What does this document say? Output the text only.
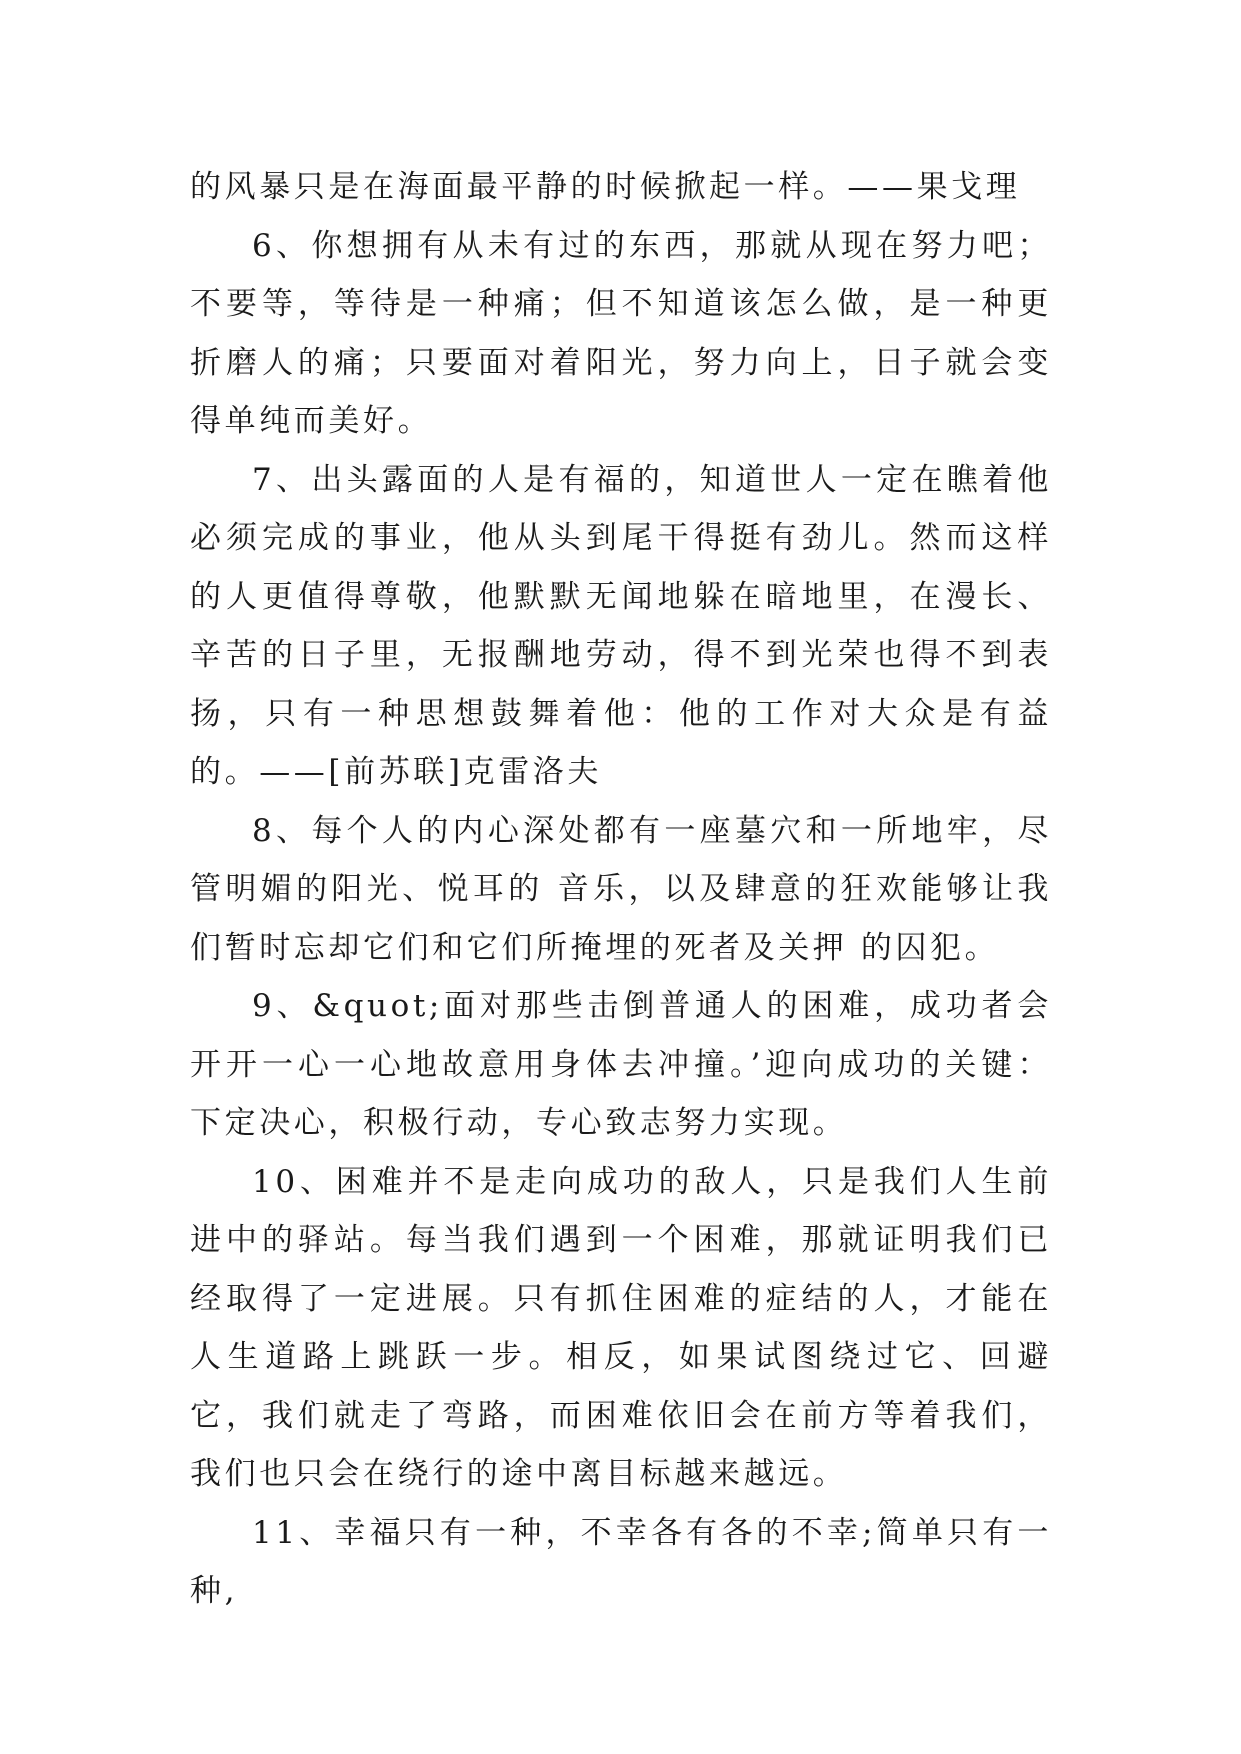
的风暴只是在海面最平静的时候掀起一样。——果戈理

6、你想拥有从未有过的东西，那就从现在努力吧；不要等，等待是一种痛；但不知道该怎么做，是一种更折磨人的痛；只要面对着阳光，努力向上，日子就会变得单纯而美好。

7、出头露面的人是有福的，知道世人一定在瞧着他必须完成的事业，他从头到尾干得挺有劲儿。然而这样的人更值得尊敬，他默默无闻地躲在暗地里，在漫长、辛苦的日子里，无报酬地劳动，得不到光荣也得不到表扬，只有一种思想鼓舞着他：他的工作对大众是有益的。——[前苏联]克雷洛夫

8、每个人的内心深处都有一座墓穴和一所地牢，尽管明媚的阳光、悦耳的 音乐，以及肆意的狂欢能够让我们暂时忘却它们和它们所掩埋的死者及关押 的囚犯。

9、&quot;面对那些击倒普通人的困难，成功者会开开一心一心地故意用身体去冲撞。’迎向成功的关键：下定决心，积极行动，专心致志努力实现。

10、困难并不是走向成功的敌人，只是我们人生前进中的驿站。每当我们遇到一个困难，那就证明我们已经取得了一定进展。只有抓住困难的症结的人，才能在人生道路上跳跃一步。相反，如果试图绕过它、回避它，我们就走了弯路，而困难依旧会在前方等着我们，我们也只会在绕行的途中离目标越来越远。

11、幸福只有一种，不幸各有各的不幸;简单只有一种,
